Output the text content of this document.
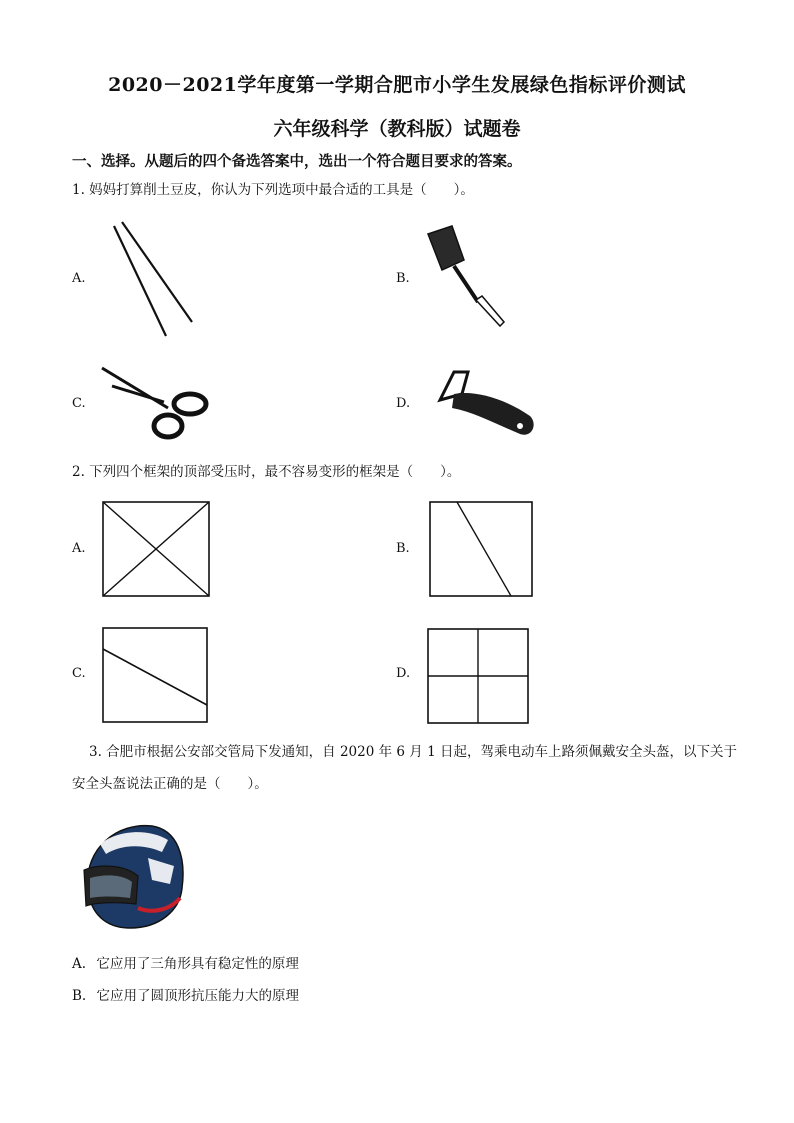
2020－2021学年度第一学期合肥市小学生发展绿色指标评价测试
六年级科学（教科版）试题卷
一、选择。从题后的四个备选答案中，选出一个符合题目要求的答案。
1. 妈妈打算削土豆皮，你认为下列选项中最合适的工具是（　　）。
A.	B.
C.	D.
2. 下列四个框架的顶部受压时，最不容易变形的框架是（　　）。
A.	B.
C.	D.
3. 合肥市根据公安部交管局下发通知，自 2020 年 6 月 1 日起，驾乘电动车上路须佩戴安全头盔，以下关于
安全头盔说法正确的是（　　）。
A. 它应用了三角形具有稳定性的原理
B. 它应用了圆顶形抗压能力大的原理
